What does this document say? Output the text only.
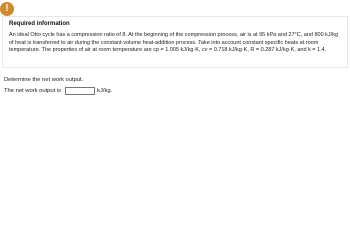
!
Required information
An ideal Otto cycle has a compression ratio of 8. At the beginning of the compression process, air is at 95 kPa and 27°C, and 800 kJ/kg of heat is transferred to air during the constant-volume heat-addition process. Take into account constant specific heats at room temperature. The properties of air at room temperature are cp = 1.005 kJ/kg·K, cv = 0.718 kJ/kg·K, R = 0.287 kJ/kg·K, and k = 1.4.
Determine the net work output.
The net work output is	kJ/kg.
